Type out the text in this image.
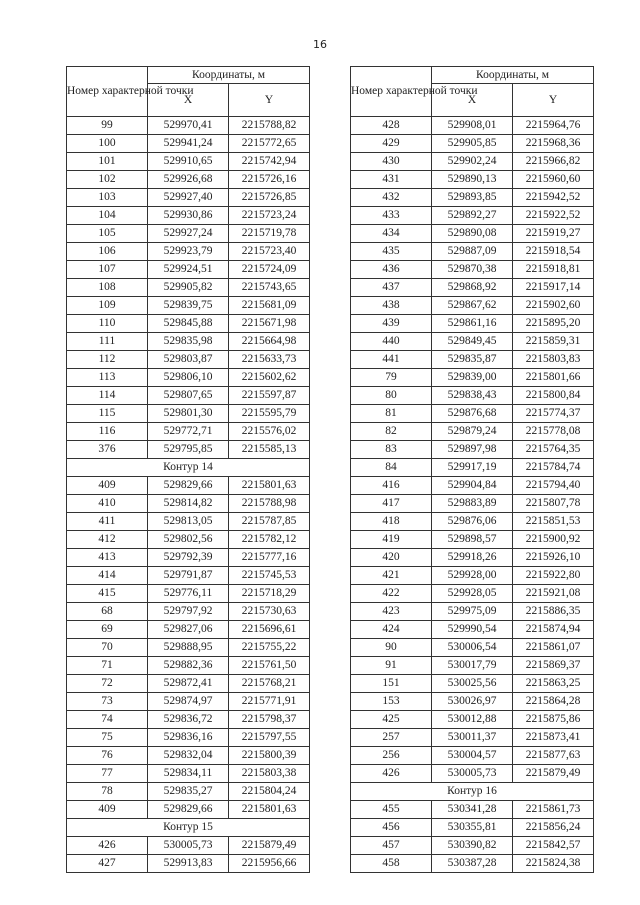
16
Номер характерной точки	Координаты, м	
	X	Y
99	529970,41	2215788,82
100	529941,24	2215772,65
101	529910,65	2215742,94
102	529926,68	2215726,16
103	529927,40	2215726,85
104	529930,86	2215723,24
105	529927,24	2215719,78
106	529923,79	2215723,40
107	529924,51	2215724,09
108	529905,82	2215743,65
109	529839,75	2215681,09
110	529845,88	2215671,98
111	529835,98	2215664,98
112	529803,87	2215633,73
113	529806,10	2215602,62
114	529807,65	2215597,87
115	529801,30	2215595,79
116	529772,71	2215576,02
376	529795,85	2215585,13
Контур 14		
409	529829,66	2215801,63
410	529814,82	2215788,98
411	529813,05	2215787,85
412	529802,56	2215782,12
413	529792,39	2215777,16
414	529791,87	2215745,53
415	529776,11	2215718,29
68	529797,92	2215730,63
69	529827,06	2215696,61
70	529888,95	2215755,22
71	529882,36	2215761,50
72	529872,41	2215768,21
73	529874,97	2215771,91
74	529836,72	2215798,37
75	529836,16	2215797,55
76	529832,04	2215800,39
77	529834,11	2215803,38
78	529835,27	2215804,24
409	529829,66	2215801,63
Контур 15		
426	530005,73	2215879,49
427	529913,83	2215956,66
Номер характерной точки	Координаты, м	
	X	Y
428	529908,01	2215964,76
429	529905,85	2215968,36
430	529902,24	2215966,82
431	529890,13	2215960,60
432	529893,85	2215942,52
433	529892,27	2215922,52
434	529890,08	2215919,27
435	529887,09	2215918,54
436	529870,38	2215918,81
437	529868,92	2215917,14
438	529867,62	2215902,60
439	529861,16	2215895,20
440	529849,45	2215859,31
441	529835,87	2215803,83
79	529839,00	2215801,66
80	529838,43	2215800,84
81	529876,68	2215774,37
82	529879,24	2215778,08
83	529897,98	2215764,35
84	529917,19	2215784,74
416	529904,84	2215794,40
417	529883,89	2215807,78
418	529876,06	2215851,53
419	529898,57	2215900,92
420	529918,26	2215926,10
421	529928,00	2215922,80
422	529928,05	2215921,08
423	529975,09	2215886,35
424	529990,54	2215874,94
90	530006,54	2215861,07
91	530017,79	2215869,37
151	530025,56	2215863,25
153	530026,97	2215864,28
425	530012,88	2215875,86
257	530011,37	2215873,41
256	530004,57	2215877,63
426	530005,73	2215879,49
Контур 16		
455	530341,28	2215861,73
456	530355,81	2215856,24
457	530390,82	2215842,57
458	530387,28	2215824,38
